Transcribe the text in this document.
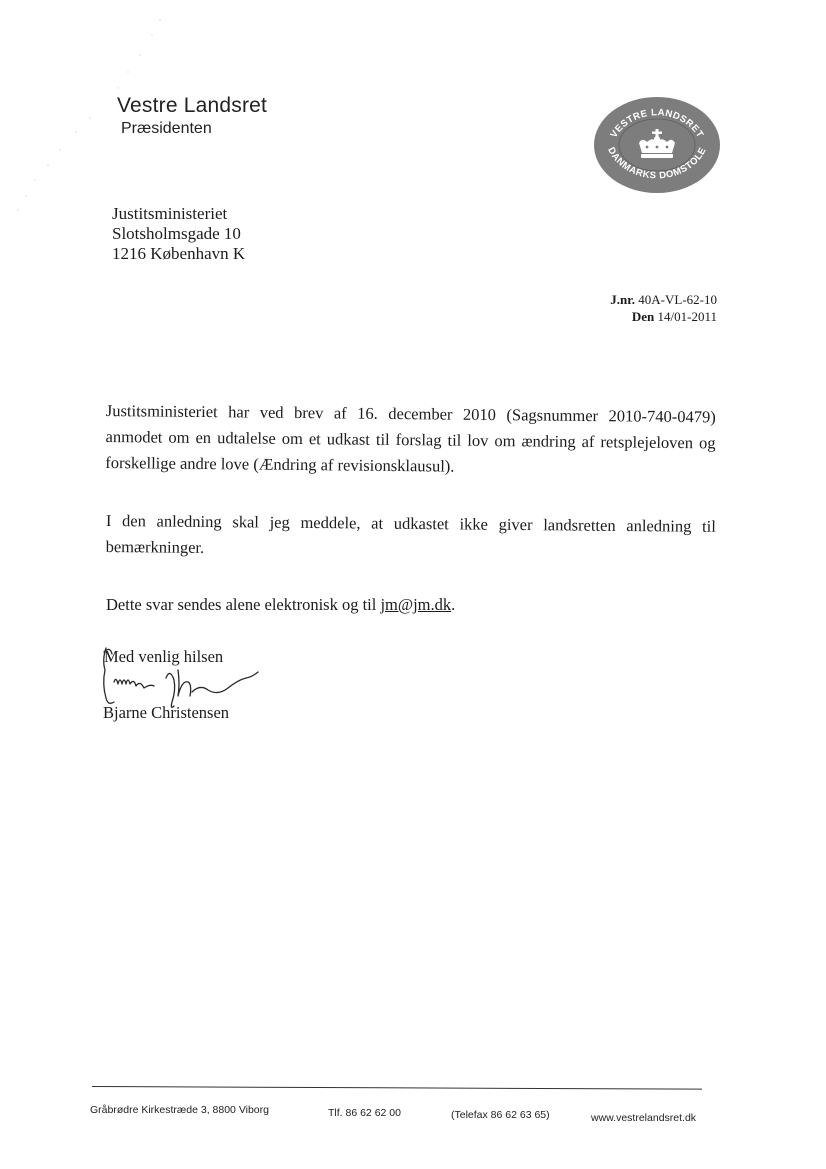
Vestre Landsret
Præsidenten	VESTRE LANDSRET
DANMARKS DOMSTOLE
Justitsministeriet
Slotsholmsgade 10
1216 København K
J.nr. 40A-VL-62-10
Den 14/01-2011
Justitsministeriet har ved brev af 16. december 2010 (Sagsnummer 2010-740-0479) anmodet om en udtalelse om et udkast til forslag til lov om ændring af retsplejeloven og forskellige andre love (Ændring af revisionsklausul).
I den anledning skal jeg meddele, at udkastet ikke giver landsretten anledning til bemærkninger.
Dette svar sendes alene elektronisk og til jm@jm.dk.
Med venlig hilsen
Bjarne Christensen
Gråbrødre Kirkestræde 3, 8800 Viborg	Tlf. 86 62 62 00	(Telefax 86 62 63 65)	www.vestrelandsret.dk
